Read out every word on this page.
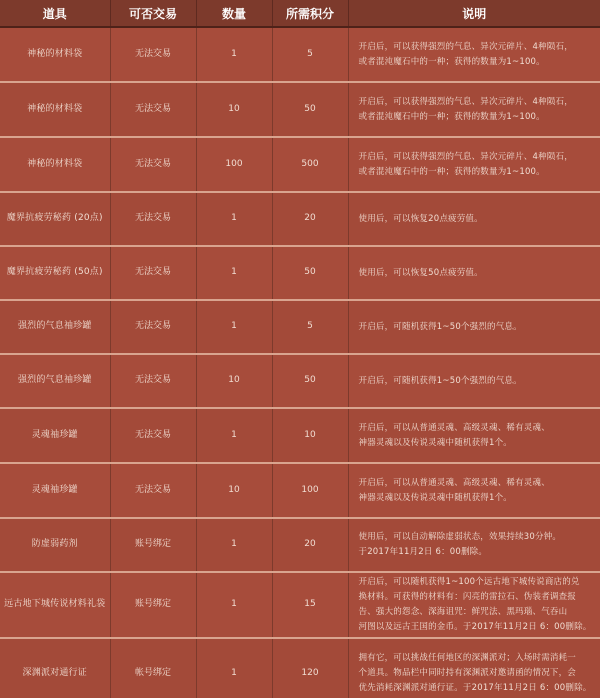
道具	可否交易	数量	所需积分	说明
神秘的材料袋	无法交易	1	5	开启后，可以获得强烈的气息、异次元碎片、4种陨石，
或者混沌魔石中的一种；获得的数量为1~100。

神秘的材料袋	无法交易	10	50	开启后，可以获得强烈的气息、异次元碎片、4种陨石，
或者混沌魔石中的一种；获得的数量为1~100。

神秘的材料袋	无法交易	100	500	开启后，可以获得强烈的气息、异次元碎片、4种陨石，
或者混沌魔石中的一种；获得的数量为1~100。

魔界抗疲劳秘药 (20点)	无法交易	1	20	使用后，可以恢复20点疲劳值。

魔界抗疲劳秘药 (50点)	无法交易	1	50	使用后，可以恢复50点疲劳值。

强烈的气息袖珍罐	无法交易	1	5	开启后，可随机获得1~50个强烈的气息。

强烈的气息袖珍罐	无法交易	10	50	开启后，可随机获得1~50个强烈的气息。

灵魂袖珍罐	无法交易	1	10	开启后，可以从普通灵魂、高级灵魂、稀有灵魂、
神器灵魂以及传说灵魂中随机获得1个。

灵魂袖珍罐	无法交易	10	100	开启后，可以从普通灵魂、高级灵魂、稀有灵魂、
神器灵魂以及传说灵魂中随机获得1个。

防虚弱药剂	账号绑定	1	20	使用后，可以自动解除虚弱状态，效果持续30分钟。
于2017年11月2日 6：00删除。

远古地下城传说材料礼袋	账号绑定	1	15	开启后，可以随机获得1~100个远古地下城传说商店的兑
换材料。可获得的材料有：闪亮的雷拉石、伪装者调查报
告、强大的怨念、深海诅咒：鲜咒法、黑玛瑙、气吞山
河图以及远古王国的金币。于2017年11月2日 6：00删除。

深渊派对通行证	帐号绑定	1	120	拥有它，可以挑战任何地区的深渊派对；入场时需消耗一
个道具。物品栏中同时持有深渊派对邀请函的情况下，会
优先消耗深渊派对通行证。于2017年11月2日 6：00删除。
